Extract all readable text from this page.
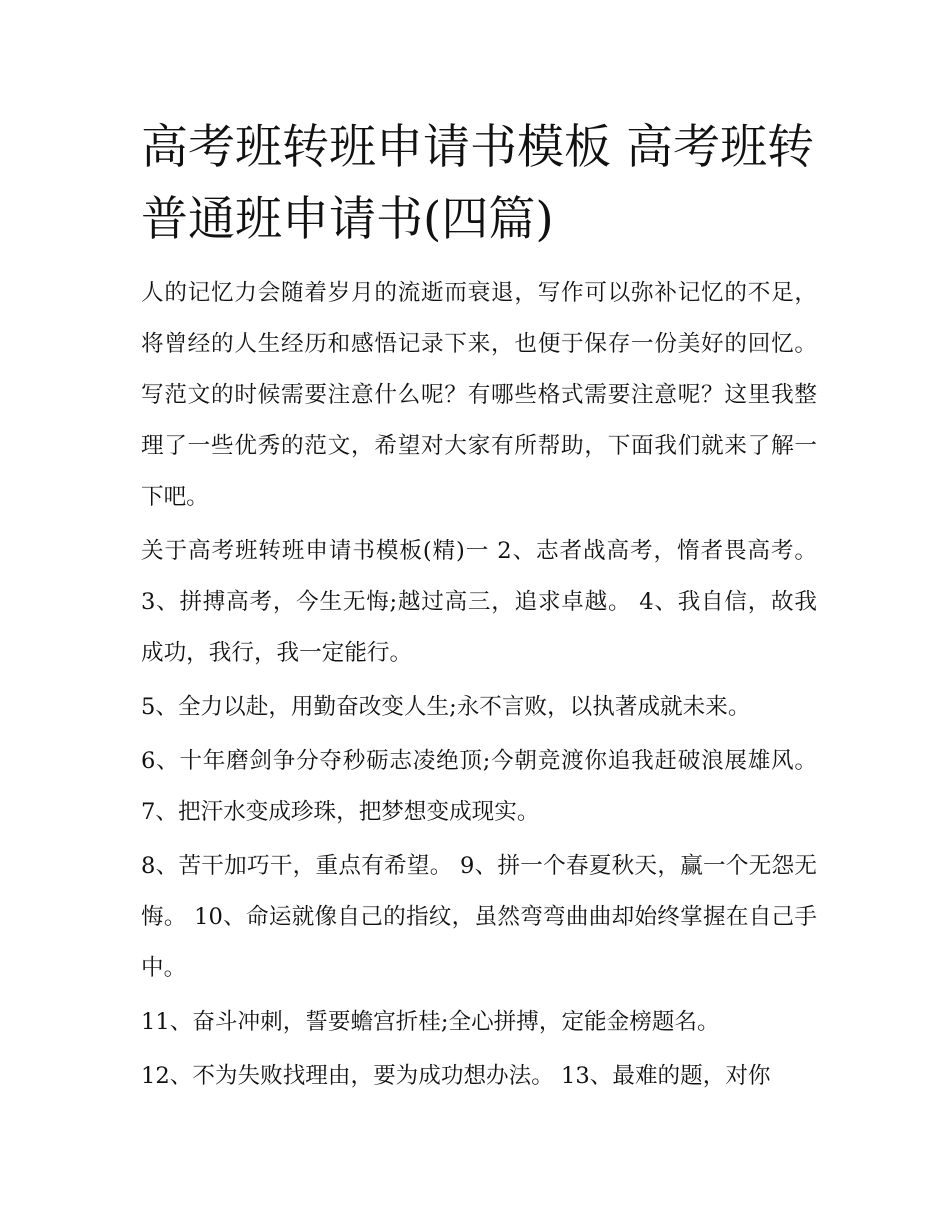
高考班转班申请书模板 高考班转普通班申请书(四篇)

人的记忆力会随着岁月的流逝而衰退，写作可以弥补记忆的不足，将曾经的人生经历和感悟记录下来，也便于保存一份美好的回忆。写范文的时候需要注意什么呢？有哪些格式需要注意呢？这里我整理了一些优秀的范文，希望对大家有所帮助，下面我们就来了解一下吧。

关于高考班转班申请书模板(精)一 2、志者战高考，惰者畏高考。 3、拼搏高考，今生无悔;越过高三，追求卓越。 4、我自信，故我成功，我行，我一定能行。

5、全力以赴，用勤奋改变人生;永不言败，以执著成就未来。

6、十年磨剑争分夺秒砺志凌绝顶;今朝竞渡你追我赶破浪展雄风。 7、把汗水变成珍珠，把梦想变成现实。

8、苦干加巧干，重点有希望。 9、拼一个春夏秋天，赢一个无怨无悔。 10、命运就像自己的指纹，虽然弯弯曲曲却始终掌握在自己手中。

11、奋斗冲刺，誓要蟾宫折桂;全心拼搏，定能金榜题名。

12、不为失败找理由，要为成功想办法。 13、最难的题，对你
